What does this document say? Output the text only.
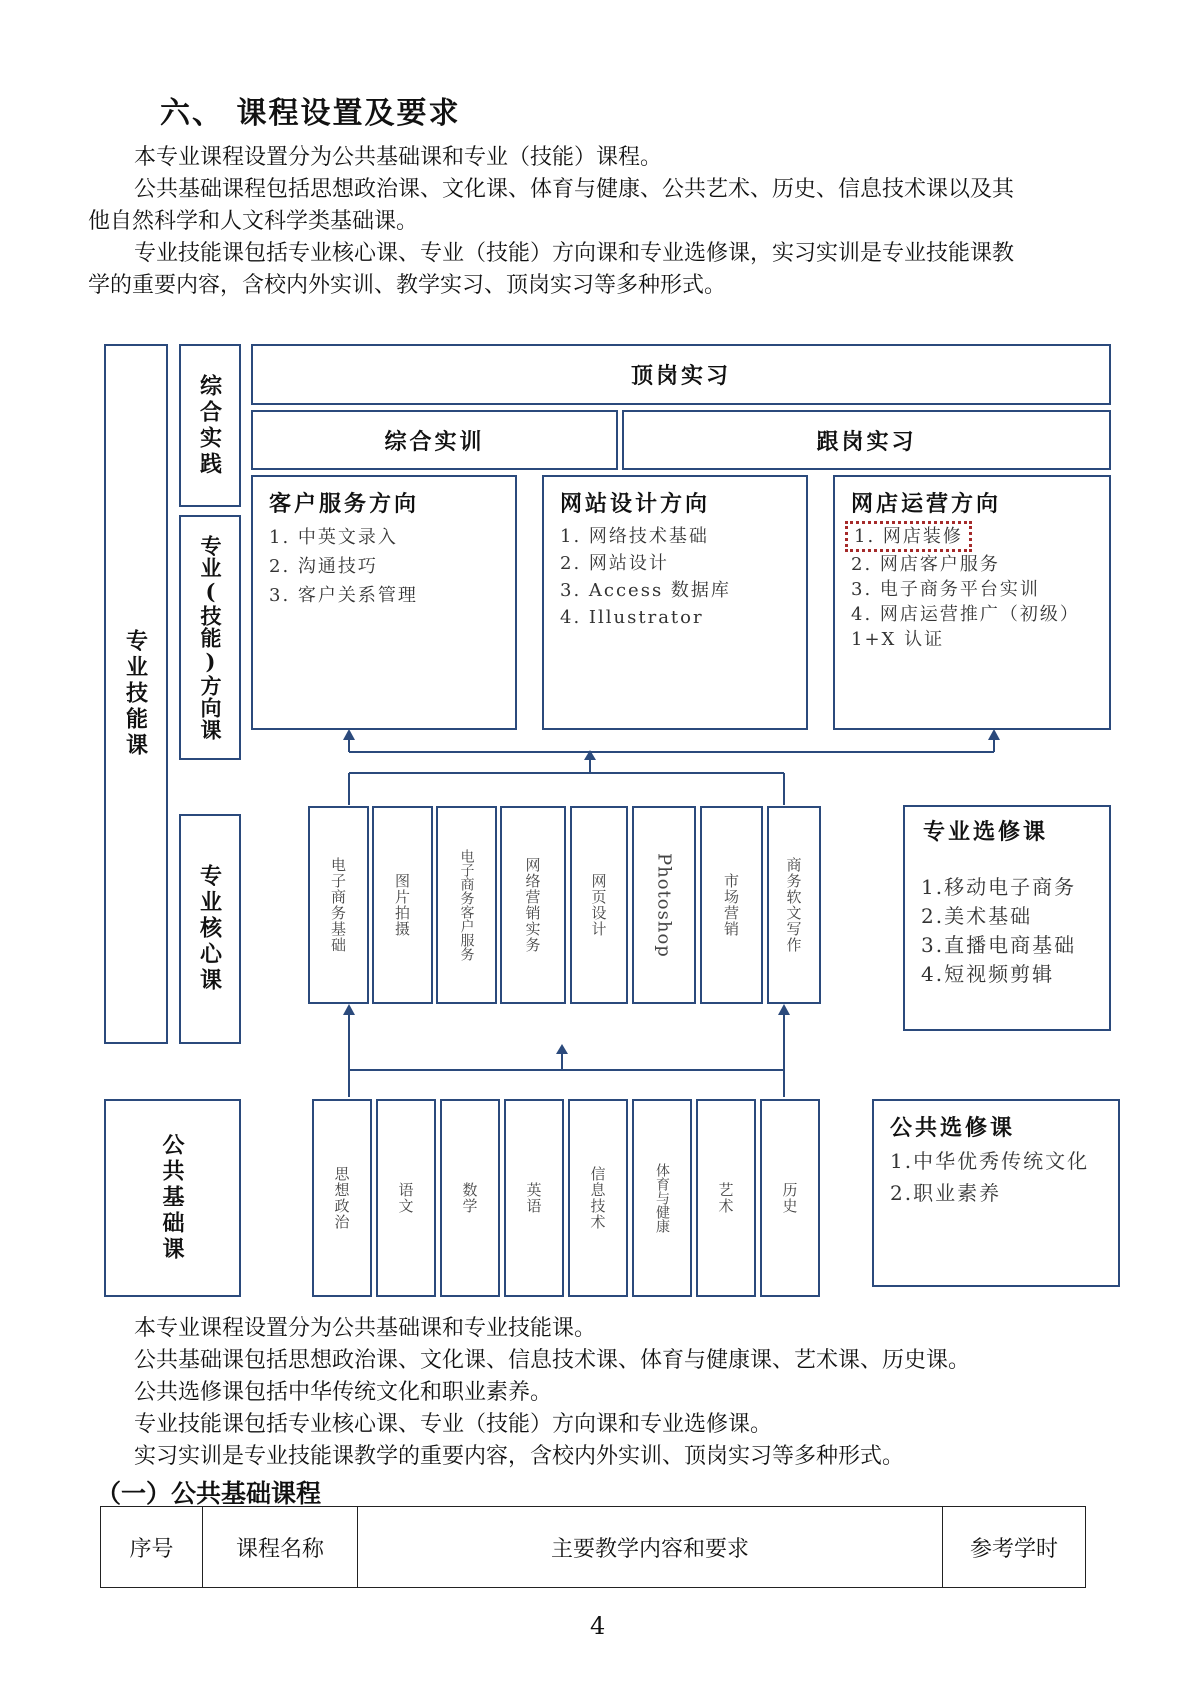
六、 课程设置及要求
本专业课程设置分为公共基础课和专业（技能）课程。
公共基础课程包括思想政治课、文化课、体育与健康、公共艺术、历史、信息技术课以及其
他自然科学和人文科学类基础课。
专业技能课包括专业核心课、专业（技能）方向课和专业选修课，实习实训是专业技能课教
学的重要内容，含校内外实训、教学实习、顶岗实习等多种形式。
专业技能课
公共基础课
综合实践
专业(技能)方向课
专业核心课
顶岗实习
综合实训	跟岗实习
客户服务方向
1. 中英文录入
2. 沟通技巧
3. 客户关系管理
网站设计方向
1. 网络技术基础
2. 网站设计
3. Access 数据库
4. Illustrator
网店运营方向
1. 网店装修
2. 网店客户服务
3. 电子商务平台实训
4. 网店运营推广（初级）
1+X 认证
电子商务基础	图片拍摄	电子商务客户服务	网络营销实务	网页设计	Photoshop	市场营销	商务软文写作
思想政治	语文	数学	英语	信息技术	体育与健康	艺术	历史
专业选修课
1.移动电子商务
2.美术基础
3.直播电商基础
4.短视频剪辑
公共选修课
1.中华优秀传统文化
2.职业素养
本专业课程设置分为公共基础课和专业技能课。
公共基础课包括思想政治课、文化课、信息技术课、体育与健康课、艺术课、历史课。
公共选修课包括中华传统文化和职业素养。
专业技能课包括专业核心课、专业（技能）方向课和专业选修课。
实习实训是专业技能课教学的重要内容，含校内外实训、顶岗实习等多种形式。
（一）公共基础课程
序号	课程名称	主要教学内容和要求	参考学时
4
